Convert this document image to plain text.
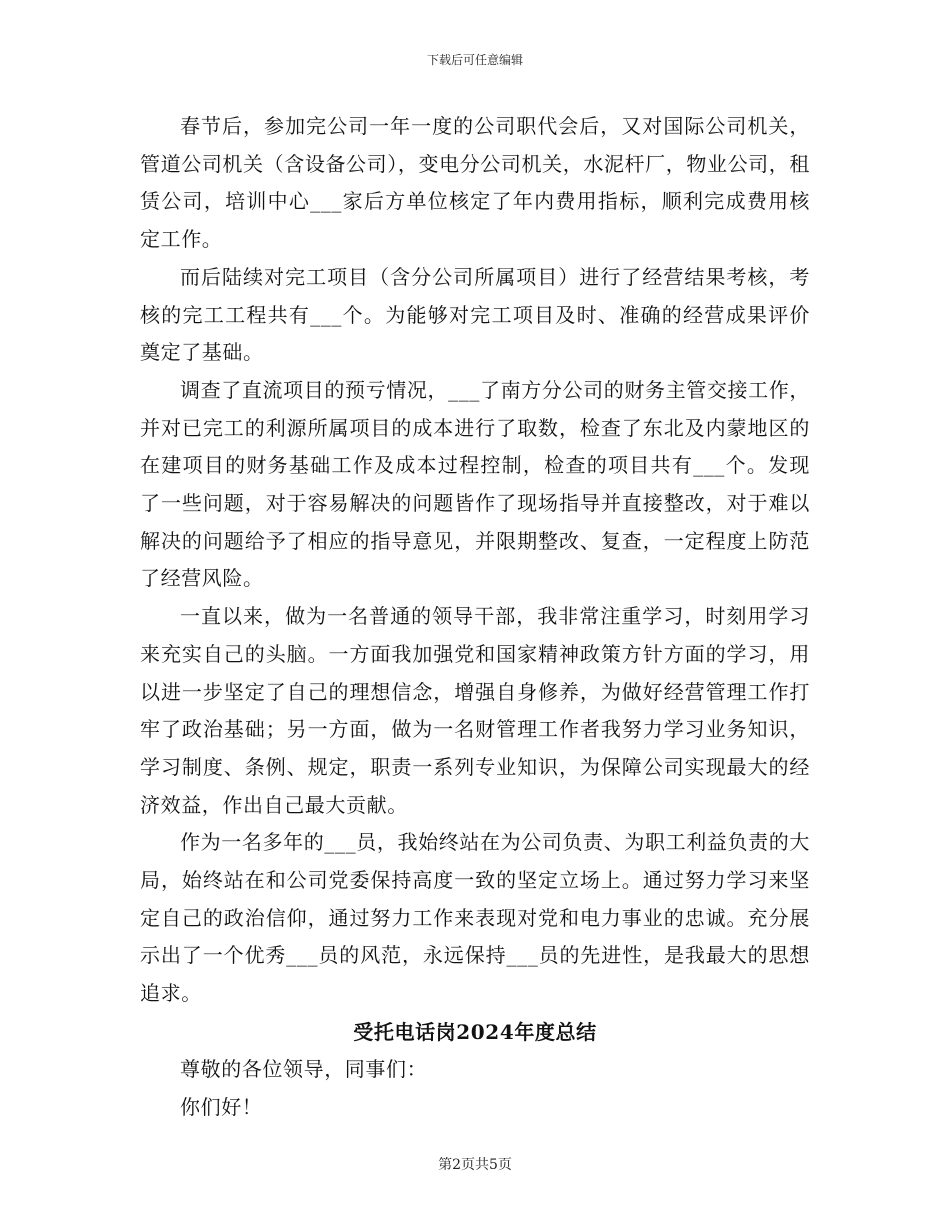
下载后可任意编辑

春节后，参加完公司一年一度的公司职代会后，又对国际公司机关，管道公司机关（含设备公司），变电分公司机关，水泥杆厂，物业公司，租赁公司，培训中心___家后方单位核定了年内费用指标，顺利完成费用核定工作。

而后陆续对完工项目（含分公司所属项目）进行了经营结果考核，考核的完工工程共有___个。为能够对完工项目及时、准确的经营成果评价奠定了基础。

调查了直流项目的预亏情况，___了南方分公司的财务主管交接工作，并对已完工的利源所属项目的成本进行了取数，检查了东北及内蒙地区的在建项目的财务基础工作及成本过程控制，检查的项目共有___个。发现了一些问题，对于容易解决的问题皆作了现场指导并直接整改，对于难以解决的问题给予了相应的指导意见，并限期整改、复查，一定程度上防范了经营风险。

一直以来，做为一名普通的领导干部，我非常注重学习，时刻用学习来充实自己的头脑。一方面我加强党和国家精神政策方针方面的学习，用以进一步坚定了自己的理想信念，增强自身修养，为做好经营管理工作打牢了政治基础；另一方面，做为一名财管理工作者我努力学习业务知识，学习制度、条例、规定，职责一系列专业知识，为保障公司实现最大的经济效益，作出自己最大贡献。

作为一名多年的___员，我始终站在为公司负责、为职工利益负责的大局，始终站在和公司党委保持高度一致的坚定立场上。通过努力学习来坚定自己的政治信仰，通过努力工作来表现对党和电力事业的忠诚。充分展示出了一个优秀___员的风范，永远保持___员的先进性，是我最大的思想追求。

受托电话岗2024年度总结

尊敬的各位领导，同事们：

你们好！

第2页共5页
